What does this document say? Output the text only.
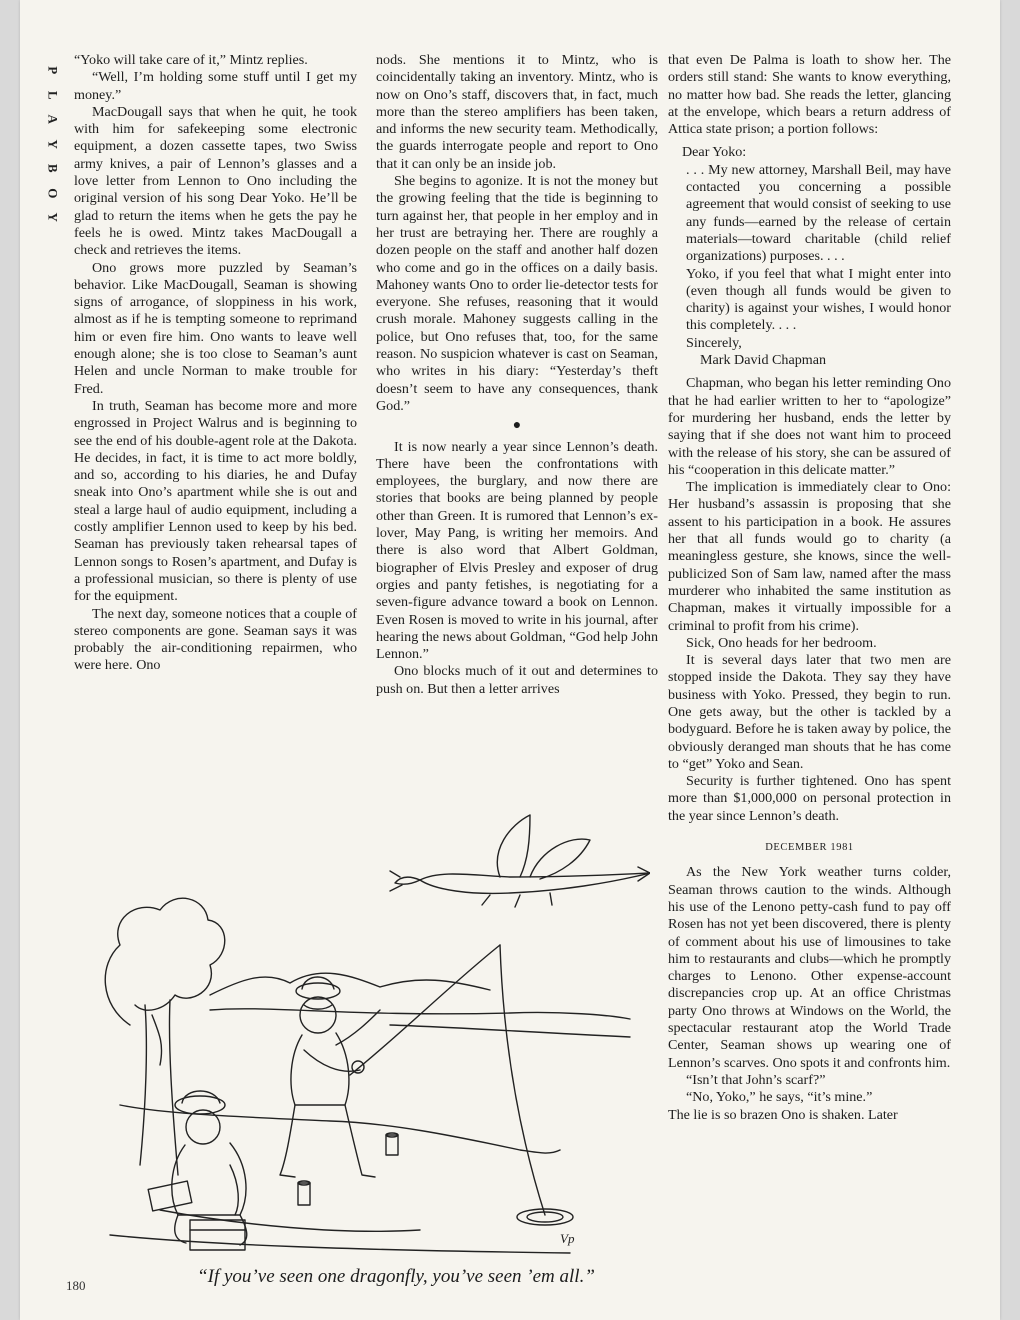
P
L
A
Y
B
O
Y

“Yoko will take care of it,” Mintz replies.

“Well, I’m holding some stuff until I get my money.”

MacDougall says that when he quit, he took with him for safekeeping some electronic equipment, a dozen cassette tapes, two Swiss army knives, a pair of Lennon’s glasses and a love letter from Lennon to Ono including the original version of his song Dear Yoko. He’ll be glad to return the items when he gets the pay he feels he is owed. Mintz takes MacDougall a check and retrieves the items.

Ono grows more puzzled by Seaman’s behavior. Like MacDougall, Seaman is showing signs of arrogance, of sloppiness in his work, almost as if he is tempting someone to reprimand him or even fire him. Ono wants to leave well enough alone; she is too close to Seaman’s aunt Helen and uncle Norman to make trouble for Fred.

In truth, Seaman has become more and more engrossed in Project Walrus and is beginning to see the end of his double-agent role at the Dakota. He decides, in fact, it is time to act more boldly, and so, according to his diaries, he and Dufay sneak into Ono’s apartment while she is out and steal a large haul of audio equipment, including a costly amplifier Lennon used to keep by his bed. Seaman has previously taken rehearsal tapes of Lennon songs to Rosen’s apartment, and Dufay is a professional musician, so there is plenty of use for the equipment.

The next day, someone notices that a couple of stereo components are gone. Seaman says it was probably the air-conditioning repairmen, who were here. Ono

nods. She mentions it to Mintz, who is coincidentally taking an inventory. Mintz, who is now on Ono’s staff, discovers that, in fact, much more than the stereo amplifiers has been taken, and informs the new security team. Methodically, the guards interrogate people and report to Ono that it can only be an inside job.

She begins to agonize. It is not the money but the growing feeling that the tide is beginning to turn against her, that people in her employ and in her trust are betraying her. There are roughly a dozen people on the staff and another half dozen who come and go in the offices on a daily basis. Mahoney wants Ono to order lie-detector tests for everyone. She refuses, reasoning that it would crush morale. Mahoney suggests calling in the police, but Ono refuses that, too, for the same reason. No suspicion whatever is cast on Seaman, who writes in his diary: “Yesterday’s theft doesn’t seem to have any consequences, thank God.”

●

It is now nearly a year since Lennon’s death. There have been the confrontations with employees, the burglary, and now there are stories that books are being planned by people other than Green. It is rumored that Lennon’s ex-lover, May Pang, is writing her memoirs. And there is also word that Albert Goldman, biographer of Elvis Presley and exposer of drug orgies and panty fetishes, is negotiating for a seven-figure advance toward a book on Lennon. Even Rosen is moved to write in his journal, after hearing the news about Goldman, “God help John Lennon.”

Ono blocks much of it out and determines to push on. But then a letter arrives

that even De Palma is loath to show her. The orders still stand: She wants to know everything, no matter how bad. She reads the letter, glancing at the envelope, which bears a return address of Attica state prison; a portion follows:

Dear Yoko:

. . . My new attorney, Marshall Beil, may have contacted you concerning a possible agreement that would consist of seeking to use any funds—earned by the release of certain materials—toward charitable (child relief organizations) purposes. . . .

Yoko, if you feel that what I might enter into (even though all funds would be given to charity) is against your wishes, I would honor this completely. . . .

Sincerely,

Mark David Chapman

Chapman, who began his letter reminding Ono that he had earlier written to her to “apologize” for murdering her husband, ends the letter by saying that if she does not want him to proceed with the release of his story, she can be assured of his “cooperation in this delicate matter.”

The implication is immediately clear to Ono: Her husband’s assassin is proposing that she assent to his participation in a book. He assures her that all funds would go to charity (a meaningless gesture, she knows, since the well-publicized Son of Sam law, named after the mass murderer who inhabited the same institution as Chapman, makes it virtually impossible for a criminal to profit from his crime).

Sick, Ono heads for her bedroom.

It is several days later that two men are stopped inside the Dakota. They say they have business with Yoko. Pressed, they begin to run. One gets away, but the other is tackled by a bodyguard. Before he is taken away by police, the obviously deranged man shouts that he has come to “get” Yoko and Sean.

Security is further tightened. Ono has spent more than $1,000,000 on personal protection in the year since Lennon’s death.

DECEMBER 1981

As the New York weather turns colder, Seaman throws caution to the winds. Although his use of the Lenono petty-cash fund to pay off Rosen has not yet been discovered, there is plenty of comment about his use of limousines to take him to restaurants and clubs—which he promptly charges to Lenono. Other expense-account discrepancies crop up. At an office Christmas party Ono throws at Windows on the World, the spectacular restaurant atop the World Trade Center, Seaman shows up wearing one of Lennon’s scarves. Ono spots it and confronts him.

“Isn’t that John’s scarf?”

“No, Yoko,” he says, “it’s mine.”

The lie is so brazen Ono is shaken. Later

Vp
“If you’ve seen one dragonfly, you’ve seen ’em all.”
180
